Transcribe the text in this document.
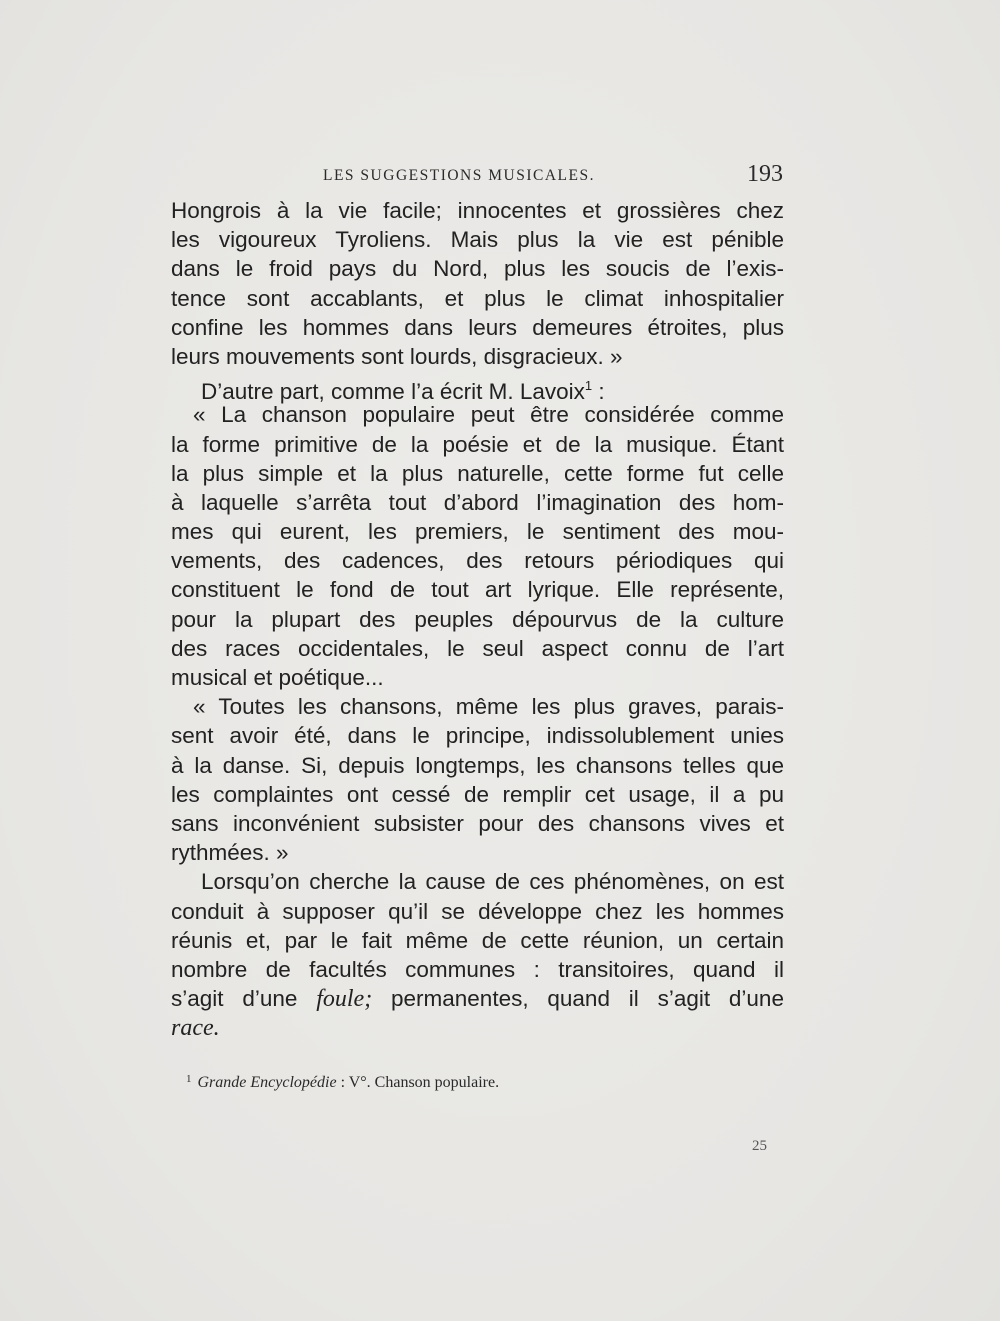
LES SUGGESTIONS MUSICALES.	193
Hongrois à la vie facile; innocentes et grossières chez
les vigoureux Tyroliens. Mais plus la vie est pénible
dans le froid pays du Nord, plus les soucis de l’exis-
tence sont accablants, et plus le climat inhospitalier
confine les hommes dans leurs demeures étroites, plus
leurs mouvements sont lourds, disgracieux. »
D’autre part, comme l’a écrit M. Lavoix$^1$ :
« La chanson populaire peut être considérée comme
la forme primitive de la poésie et de la musique. Étant
la plus simple et la plus naturelle, cette forme fut celle
à laquelle s’arrêta tout d’abord l’imagination des hom-
mes qui eurent, les premiers, le sentiment des mou-
vements, des cadences, des retours périodiques qui
constituent le fond de tout art lyrique. Elle représente,
pour la plupart des peuples dépourvus de la culture
des races occidentales, le seul aspect connu de l’art
musical et poétique...
« Toutes les chansons, même les plus graves, parais-
sent avoir été, dans le principe, indissolublement unies
à la danse. Si, depuis longtemps, les chansons telles que
les complaintes ont cessé de remplir cet usage, il a pu
sans inconvénient subsister pour des chansons vives et
rythmées. »
Lorsqu’on cherche la cause de ces phénomènes, on est
conduit à supposer qu’il se développe chez les hommes
réunis et, par le fait même de cette réunion, un certain
nombre de facultés communes : transitoires, quand il
s’agit d’une foule; permanentes, quand il s’agit d’une
race.
$^1$ Grande Encyclopédie : V°. Chanson populaire.
25
